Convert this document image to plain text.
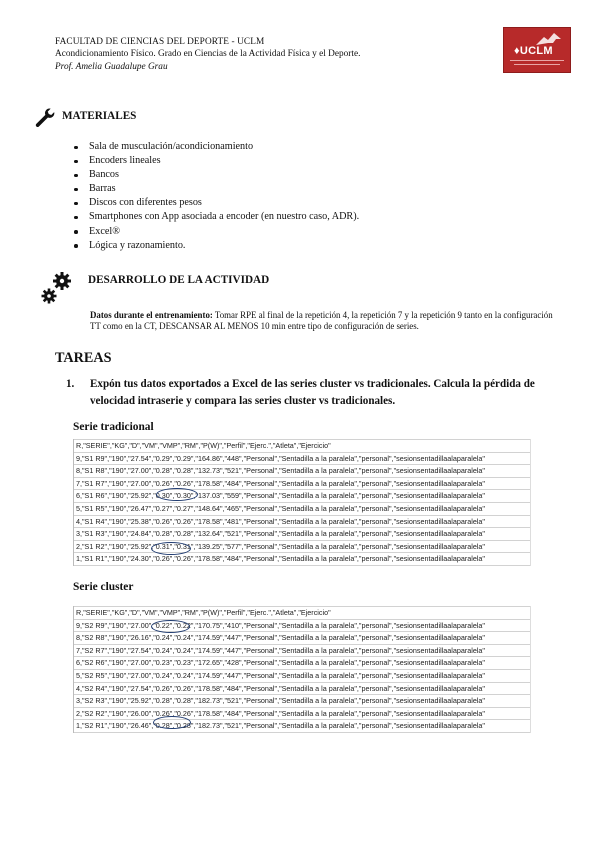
FACULTAD DE CIENCIAS DEL DEPORTE - UCLM
Acondicionamiento Físico. Grado en Ciencias de la Actividad Física y el Deporte.
Prof. Amelia Guadalupe Grau
♦UCLM
MATERIALES
Sala de musculación/acondicionamiento
Encoders lineales
Bancos
Barras
Discos con diferentes pesos
Smartphones con App asociada a encoder (en nuestro caso, ADR).
Excel®
Lógica y razonamiento.
DESARROLLO DE LA ACTIVIDAD
Datos durante el entrenamiento: Tomar RPE al final de la repetición 4, la repetición 7 y la repetición 9 tanto en la configuración TT como en la CT, DESCANSAR AL MENOS 10 min entre tipo de configuración de series.
TAREAS
1. Expón tus datos exportados a Excel de las series cluster vs tradicionales. Calcula la pérdida de velocidad intraserie y compara las series cluster vs tradicionales.
Serie tradicional
R,"SERIE","KG","D","VM","VMP","RM","P(W)","Perfil","Ejerc.","Atleta","Ejercicio"
9,"S1 R9","190","27.54","0.29","0.29","164.86","448","Personal","Sentadilla a la paralela","personal","sesionsentadillaalaparalela"
8,"S1 R8","190","27.00","0.28","0.28","132.73","521","Personal","Sentadilla a la paralela","personal","sesionsentadillaalaparalela"
7,"S1 R7","190","27.00","0.26","0.26","178.58","484","Personal","Sentadilla a la paralela","personal","sesionsentadillaalaparalela"
6,"S1 R6","190","25.92","0.30","0.30","137.03","559","Personal","Sentadilla a la paralela","personal","sesionsentadillaalaparalela"
5,"S1 R5","190","26.47","0.27","0.27","148.64","465","Personal","Sentadilla a la paralela","personal","sesionsentadillaalaparalela"
4,"S1 R4","190","25.38","0.26","0.26","178.58","481","Personal","Sentadilla a la paralela","personal","sesionsentadillaalaparalela"
3,"S1 R3","190","24.84","0.28","0.28","132.64","521","Personal","Sentadilla a la paralela","personal","sesionsentadillaalaparalela"
2,"S1 R2","190","25.92","0.31","0.31","139.25","577","Personal","Sentadilla a la paralela","personal","sesionsentadillaalaparalela"
1,"S1 R1","190","24.30","0.26","0.26","178.58","484","Personal","Sentadilla a la paralela","personal","sesionsentadillaalaparalela"
Serie cluster
R,"SERIE","KG","D","VM","VMP","RM","P(W)","Perfil","Ejerc.","Atleta","Ejercicio"
9,"S2 R9","190","27.00","0.22","0.22","170.75","410","Personal","Sentadilla a la paralela","personal","sesionsentadillaalaparalela"
8,"S2 R8","190","26.16","0.24","0.24","174.59","447","Personal","Sentadilla a la paralela","personal","sesionsentadillaalaparalela"
7,"S2 R7","190","27.54","0.24","0.24","174.59","447","Personal","Sentadilla a la paralela","personal","sesionsentadillaalaparalela"
6,"S2 R6","190","27.00","0.23","0.23","172.65","428","Personal","Sentadilla a la paralela","personal","sesionsentadillaalaparalela"
5,"S2 R5","190","27.00","0.24","0.24","174.59","447","Personal","Sentadilla a la paralela","personal","sesionsentadillaalaparalela"
4,"S2 R4","190","27.54","0.26","0.26","178.58","484","Personal","Sentadilla a la paralela","personal","sesionsentadillaalaparalela"
3,"S2 R3","190","25.92","0.28","0.28","182.73","521","Personal","Sentadilla a la paralela","personal","sesionsentadillaalaparalela"
2,"S2 R2","190","26.00","0.26","0.26","178.58","484","Personal","Sentadilla a la paralela","personal","sesionsentadillaalaparalela"
1,"S2 R1","190","26.46","0.28","0.28","182.73","521","Personal","Sentadilla a la paralela","personal","sesionsentadillaalaparalela"
